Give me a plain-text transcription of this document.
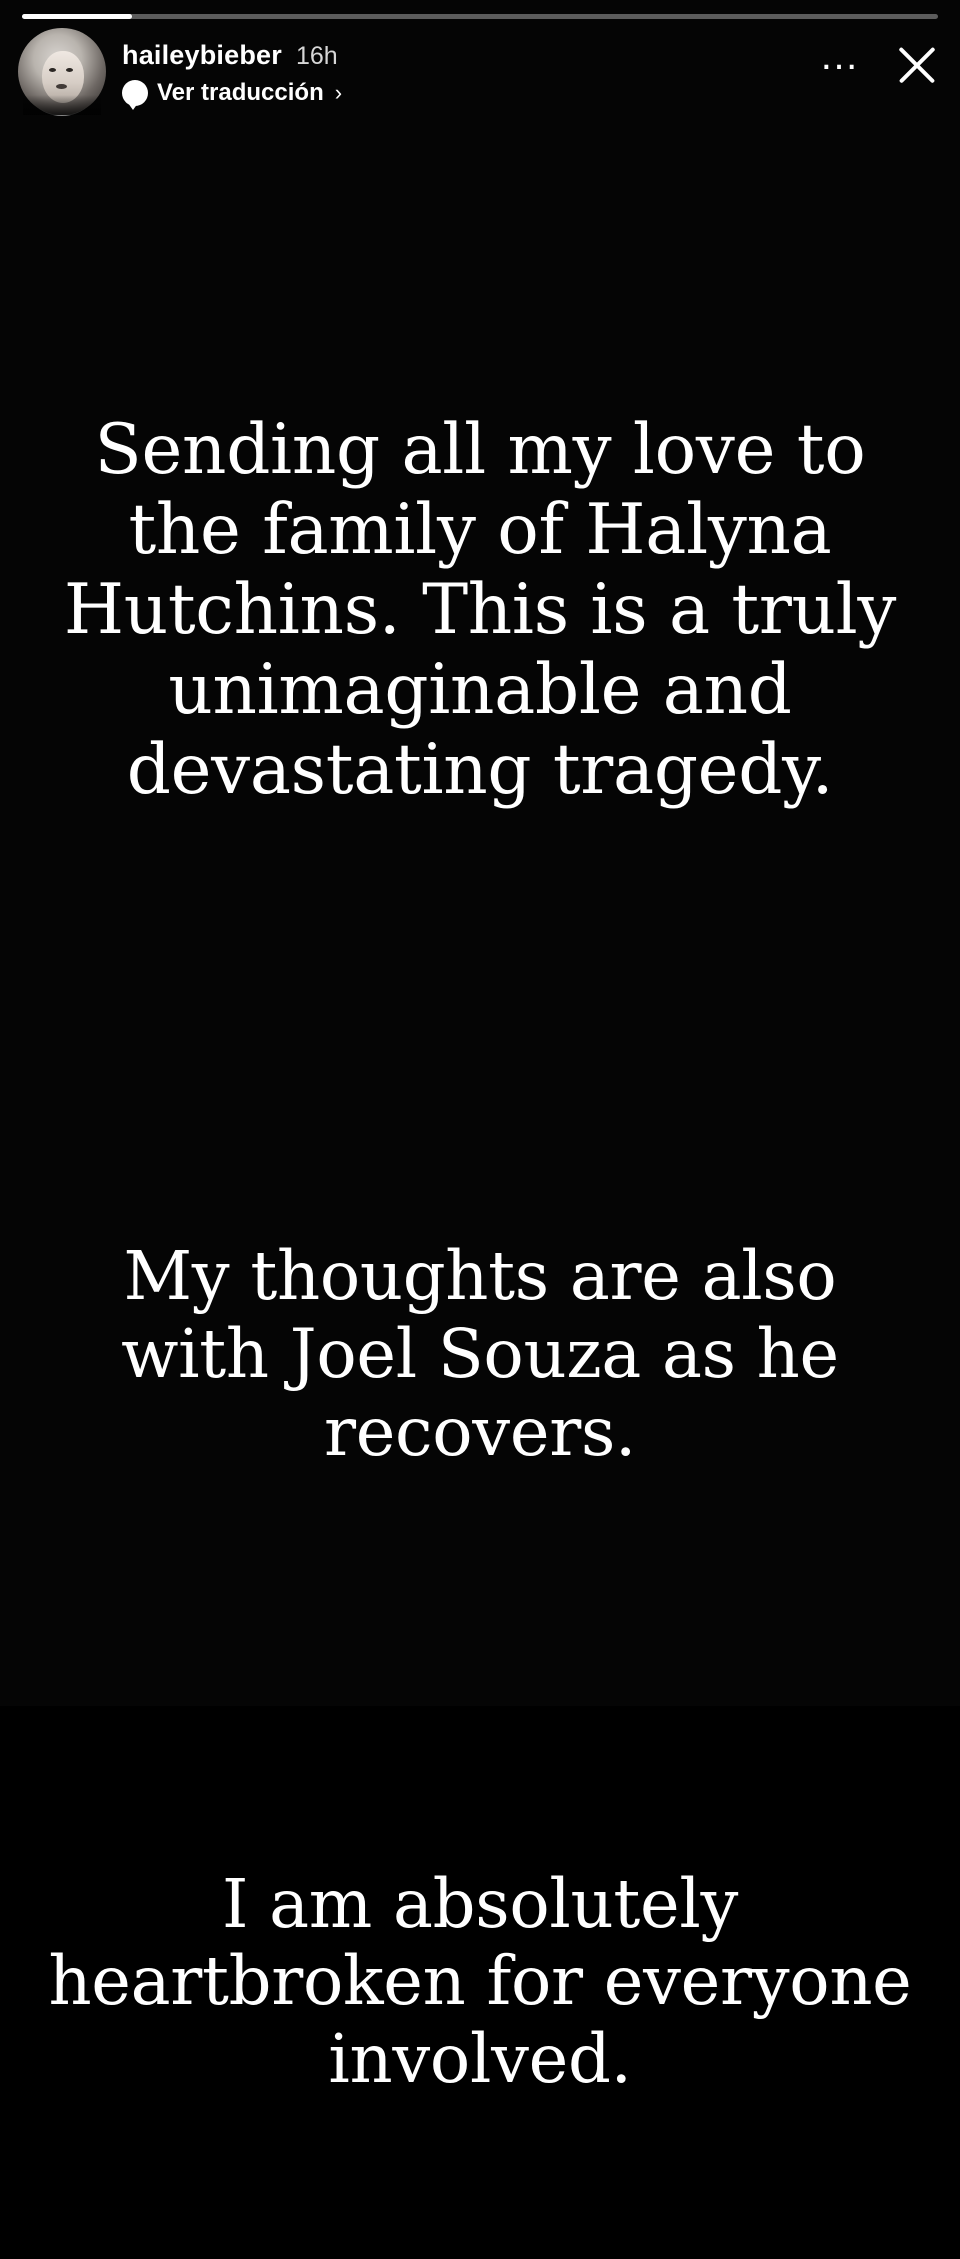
haileybieber 16h
Ver traducción ›
…

Sending all my love to the family of Halyna Hutchins. This is a truly unimaginable and devastating tragedy.

My thoughts are also with Joel Souza as he recovers.

I am absolutely heartbroken for everyone involved.
